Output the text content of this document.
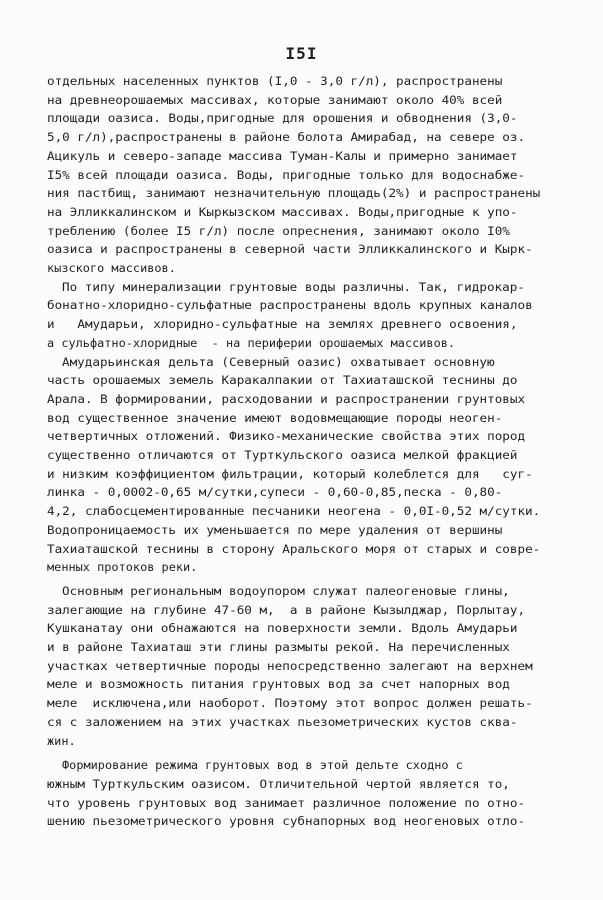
I5I
отдельных населенных пунктов (I,0 - 3,0 г/л), распространены
на древнеорошаемых массивах, которые занимают около 40% всей
площади оазиса. Воды,пригодные для орошения и обводнения (3,0-
5,0 г/л),распространены в районе болота Амирабад, на севере оз.
Ацикуль и северо-западе массива Туман-Калы и примерно занимает
I5% всей площади оазиса. Воды, пригодные только для водоснабже-
ния пастбищ, занимают незначительную площадь(2%) и распространены
на Элликкалинском и Кыркызском массивах. Воды,пригодные к упо-
треблению (более I5 г/л) после опреснения, занимают около I0%
оазиса и распространены в северной части Элликкалинского и Кырк-
кызского массивов.
По типу минерализации грунтовые воды различны. Так, гидрокар-
бонатно-хлоридно-сульфатные распространены вдоль крупных каналов
и   Амударьи, хлоридно-сульфатные на землях древнего освоения,
а сульфатно-хлоридные  - на периферии орошаемых массивов.
Амударьинская дельта (Северный оазис) охватывает основную
часть орошаемых земель Каракалпакии от Тахиаташской теснины до
Арала. В формировании, расходовании и распространении грунтовых
вод существенное значение имеют водовмещающие породы неоген-
четвертичных отложений. Физико-механические свойства этих пород
существенно отличаются от Турткульского оазиса мелкой фракцией
и низким коэффициентом фильтрации, который колеблется для   суг-
линка - 0,0002-0,65 м/сутки,супеси - 0,60-0,85,песка - 0,80-
4,2, слабосцементированные песчаники неогена - 0,0I-0,52 м/сутки.
Водопроницаемость их уменьшается по мере удаления от вершины
Тахиаташской теснины в сторону Аральского моря от старых и совре-
менных протоков реки.
Основным региональным водоупором служат палеогеновые глины,
залегающие на глубине 47-60 м,  а в районе Кызылджар, Порлытау,
Кушканатау они обнажаются на поверхности земли. Вдоль Амударьи
и в районе Тахиаташ эти глины размыты рекой. На перечисленных
участках четвертичные породы непосредственно залегают на верхнем
меле и возможность питания грунтовых вод за счет напорных вод
меле  исключена,или наоборот. Поэтому этот вопрос должен решать-
ся с заложением на этих участках пьезометрических кустов сква-
жин.
Формирование режима грунтовых вод в этой дельте сходно с
южным Турткульским оазисом. Отличительной чертой является то,
что уровень грунтовых вод занимает различное положение по отно-
шению пьезометрического уровня субнапорных вод неогеновых отло-
